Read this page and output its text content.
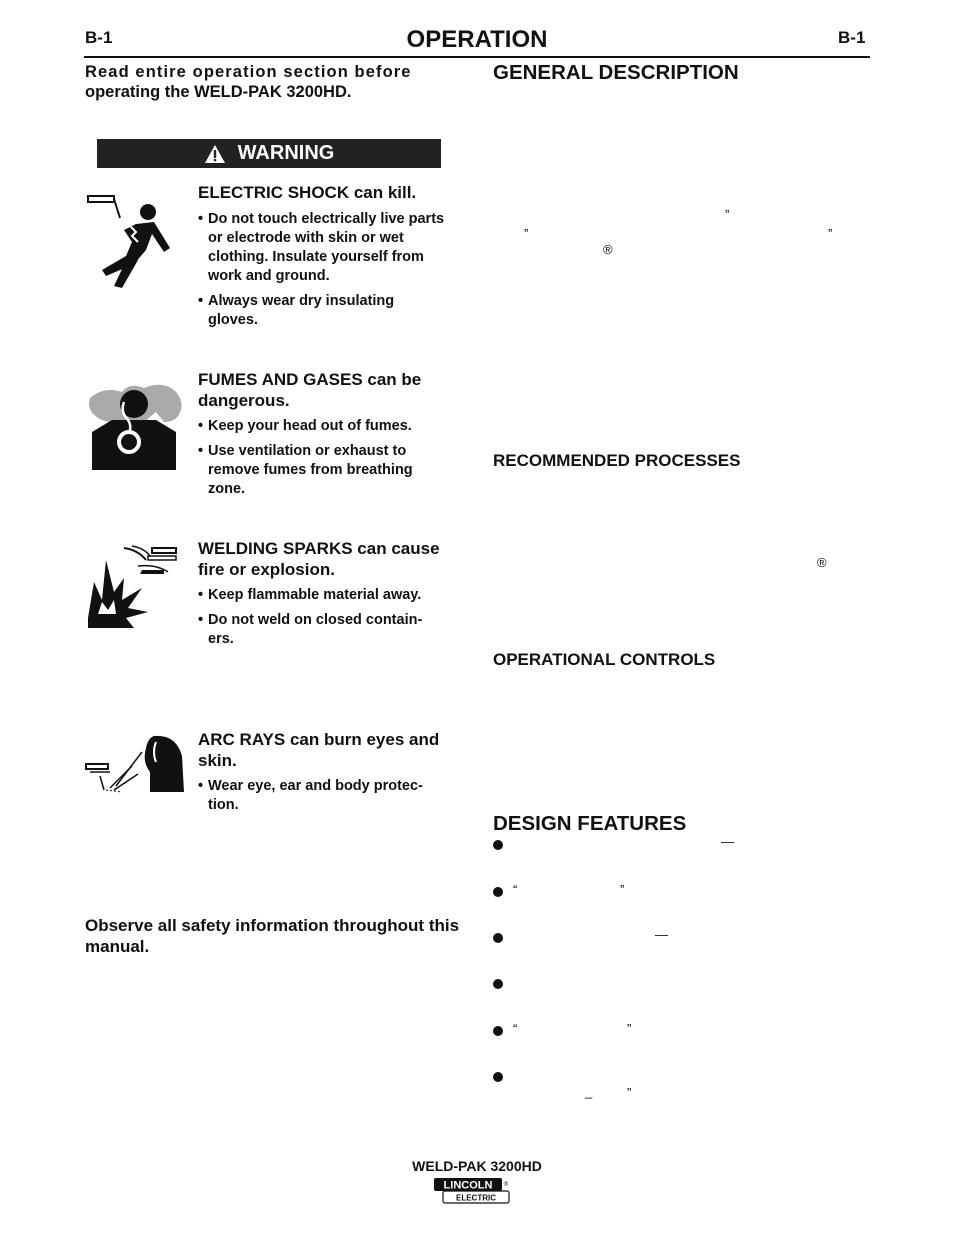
B-1	OPERATION	B-1
Read entire operation section before
operating the WELD-PAK 3200HD.
WARNING
ELECTRIC SHOCK can kill.

• Do not touch electrically live parts or electrode with skin or wet clothing. Insulate yourself from work and ground.

• Always wear dry insulating gloves.

FUMES AND GASES can be dangerous.

• Keep your head out of fumes.

• Use ventilation or exhaust to remove fumes from breathing zone.

WELDING SPARKS can cause fire or explosion.

• Keep flammable material away.

• Do not weld on closed contain- ers.

ARC RAYS can burn eyes and skin.

• Wear eye, ear and body protec- tion.

Observe all safety information throughout this manual.
GENERAL DESCRIPTION
RECOMMENDED PROCESSES
OPERATIONAL CONTROLS
DESIGN FEATURES
”
”	”
®
®
—
“	”
—
“	”
_	”
WELD-PAK 3200HD
LINCOLN ®
ELECTRIC
